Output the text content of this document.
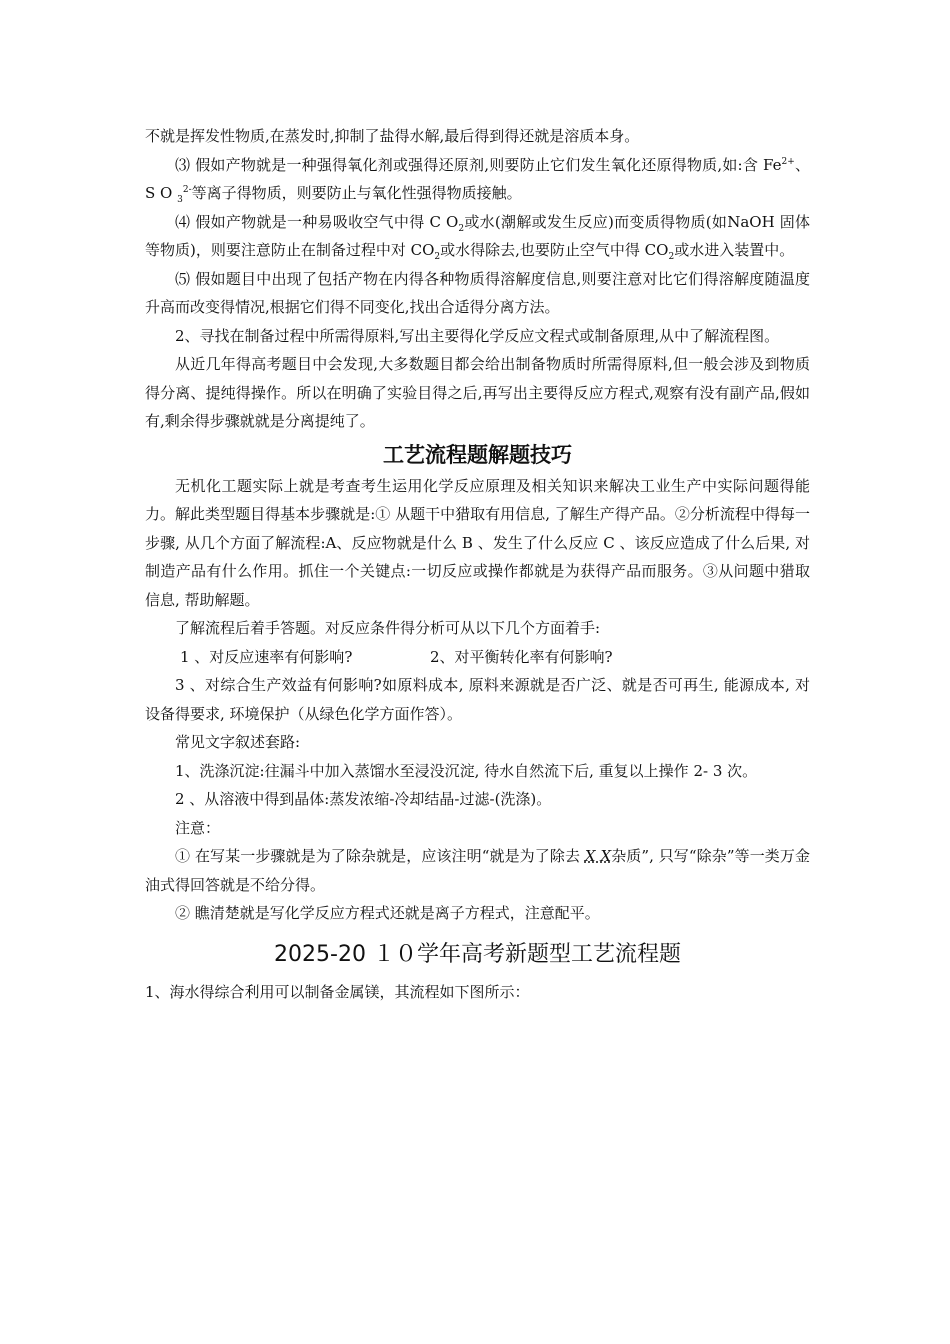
不就是挥发性物质,在蒸发时,抑制了盐得水解,最后得到得还就是溶质本身。

⑶ 假如产物就是一种强得氧化剂或强得还原剂,则要防止它们发生氧化还原得物质,如:含 $Fe^{2+}$、S O $_3^{2-}$等离子得物质，则要防止与氧化性强得物质接触。

⑷ 假如产物就是一种易吸收空气中得 C $O_2$或水(潮解或发生反应)而变质得物质(如NaOH 固体等物质)，则要注意防止在制备过程中对 $CO_2$或水得除去,也要防止空气中得 $CO_2$或水进入装置中。

⑸ 假如题目中出现了包括产物在内得各种物质得溶解度信息,则要注意对比它们得溶解度随温度升高而改变得情况,根据它们得不同变化,找出合适得分离方法。

2、寻找在制备过程中所需得原料,写出主要得化学反应文程式或制备原理,从中了解流程图。

从近几年得高考题目中会发现,大多数题目都会给出制备物质时所需得原料,但一般会涉及到物质得分离、提纯得操作。所以在明确了实验目得之后,再写出主要得反应方程式,观察有没有副产品,假如有,剩余得步骤就就是分离提纯了。

工艺流程题解题技巧

无机化工题实际上就是考查考生运用化学反应原理及相关知识来解决工业生产中实际问题得能力。解此类型题目得基本步骤就是:① 从题干中猎取有用信息, 了解生产得产品。②分析流程中得每一步骤, 从几个方面了解流程:A、反应物就是什么 B 、发生了什么反应 C 、该反应造成了什么后果, 对制造产品有什么作用。抓住一个关键点:一切反应或操作都就是为获得产品而服务。③从问题中猎取信息, 帮助解题。

了解流程后着手答题。对反应条件得分析可从以下几个方面着手:

1 、对反应速率有何影响?	2、对平衡转化率有何影响?

3 、对综合生产效益有何影响?如原料成本, 原料来源就是否广泛、就是否可再生, 能源成本, 对设备得要求, 环境保护（从绿色化学方面作答）。

常见文字叙述套路:

1、洗涤沉淀:往漏斗中加入蒸馏水至浸没沉淀, 待水自然流下后, 重复以上操作 2- 3 次。

2 、从溶液中得到晶体:蒸发浓缩-冷却结晶-过滤-(洗涤)。

注意：

① 在写某一步骤就是为了除杂就是，应该注明“就是为了除去 X X杂质”, 只写“除杂”等一类万金油式得回答就是不给分得。

② 瞧清楚就是写化学反应方程式还就是离子方程式，注意配平。

2025-20 １０学年高考新题型工艺流程题

1、海水得综合利用可以制备金属镁，其流程如下图所示：
